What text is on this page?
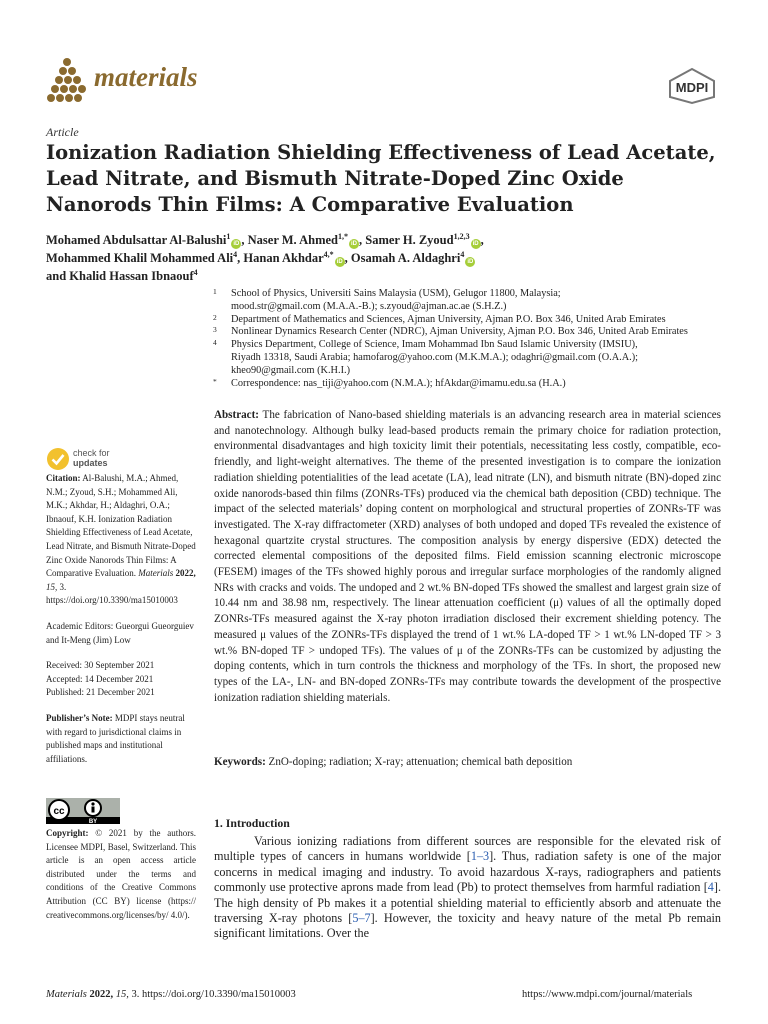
materials	MDPI
Article
Ionization Radiation Shielding Effectiveness of Lead Acetate, Lead Nitrate, and Bismuth Nitrate-Doped Zinc Oxide Nanorods Thin Films: A Comparative Evaluation
Mohamed Abdulsattar Al-Balushi$^1$iD , Naser M. Ahmed$^{1,*}$iD , Samer H. Zyoud$^{1,2,3}$iD ,
Mohammed Khalil Mohammed Ali$^4$, Hanan Akhdar$^{4,*}$iD , Osamah A. Aldaghri$^4$iD
and Khalid Hassan Ibnaouf$^4$
1 School of Physics, Universiti Sains Malaysia (USM), Gelugor 11800, Malaysia;
mood.str@gmail.com (M.A.A.-B.); s.zyoud@ajman.ac.ae (S.H.Z.)
2 Department of Mathematics and Sciences, Ajman University, Ajman P.O. Box 346, United Arab Emirates
3 Nonlinear Dynamics Research Center (NDRC), Ajman University, Ajman P.O. Box 346, United Arab Emirates
4 Physics Department, College of Science, Imam Mohammad Ibn Saud Islamic University (IMSIU),
Riyadh 13318, Saudi Arabia; hamofarog@yahoo.com (M.K.M.A.); odaghri@gmail.com (O.A.A.);
kheo90@gmail.com (K.H.I.)
* Correspondence: nas_tiji@yahoo.com (N.M.A.); hfAkdar@imamu.edu.sa (H.A.)
check for
updates

Citation: Al-Balushi, M.A.; Ahmed, N.M.; Zyoud, S.H.; Mohammed Ali, M.K.; Akhdar, H.; Aldaghri, O.A.; Ibnaouf, K.H. Ionization Radiation Shielding Effectiveness of Lead Acetate, Lead Nitrate, and Bismuth Nitrate-Doped Zinc Oxide Nanorods Thin Films: A Comparative Evaluation. Materials 2022, 15, 3. https://doi.org/10.3390/ma15010003

Academic Editors: Gueorgui Gueorguiev and It-Meng (Jim) Low

Received: 30 September 2021
Accepted: 14 December 2021
Published: 21 December 2021

Publisher’s Note: MDPI stays neutral with regard to jurisdictional claims in published maps and institutional affiliations.

cc
BY
Copyright: © 2021 by the authors. Licensee MDPI, Basel, Switzerland. This article is an open access article distributed under the terms and conditions of the Creative Commons Attribution (CC BY) license (https:// creativecommons.org/licenses/by/ 4.0/).
Abstract: The fabrication of Nano-based shielding materials is an advancing research area in material sciences and nanotechnology. Although bulky lead-based products remain the primary choice for radiation protection, environmental disadvantages and high toxicity limit their potentials, necessitating less costly, compatible, eco-friendly, and light-weight alternatives. The theme of the presented investigation is to compare the ionization radiation shielding potentialities of the lead acetate (LA), lead nitrate (LN), and bismuth nitrate (BN)-doped zinc oxide nanorods-based thin films (ZONRs-TFs) produced via the chemical bath deposition (CBD) technique. The impact of the selected materials’ doping content on morphological and structural properties of ZONRs-TF was investigated. The X-ray diffractometer (XRD) analyses of both undoped and doped TFs revealed the existence of hexagonal quartzite crystal structures. The composition analysis by energy dispersive (EDX) detected the corrected elemental compositions of the deposited films. Field emission scanning electronic microscope (FESEM) images of the TFs showed highly porous and irregular surface morphologies of the randomly aligned NRs with cracks and voids. The undoped and 2 wt.% BN-doped TFs showed the smallest and largest grain size of 10.44 nm and 38.98 nm, respectively. The linear attenuation coefficient (μ) values of all the optimally doped ZONRs-TFs measured against the X-ray photon irradiation disclosed their excrement shielding potency. The measured μ values of the ZONRs-TFs displayed the trend of 1 wt.% LA-doped TF > 1 wt.% LN-doped TF > 3 wt.% BN-doped TF > undoped TFs). The values of μ of the ZONRs-TFs can be customized by adjusting the doping contents, which in turn controls the thickness and morphology of the TFs. In short, the proposed new types of the LA-, LN- and BN-doped ZONRs-TFs may contribute towards the development of the prospective ionization radiation shielding materials.
Keywords: ZnO-doping; radiation; X-ray; attenuation; chemical bath deposition
1. Introduction
Various ionizing radiations from different sources are responsible for the elevated risk of multiple types of cancers in humans worldwide [1–3]. Thus, radiation safety is one of the major concerns in medical imaging and industry. To avoid hazardous X-rays, radiographers and patients commonly use protective aprons made from lead (Pb) to protect themselves from harmful radiation [4]. The high density of Pb makes it a potential shielding material to efficiently absorb and attenuate the traversing X-ray photons [5–7]. However, the toxicity and heavy nature of the metal Pb remain significant limitations. Over the
Materials 2022, 15, 3. https://doi.org/10.3390/ma15010003	https://www.mdpi.com/journal/materials
